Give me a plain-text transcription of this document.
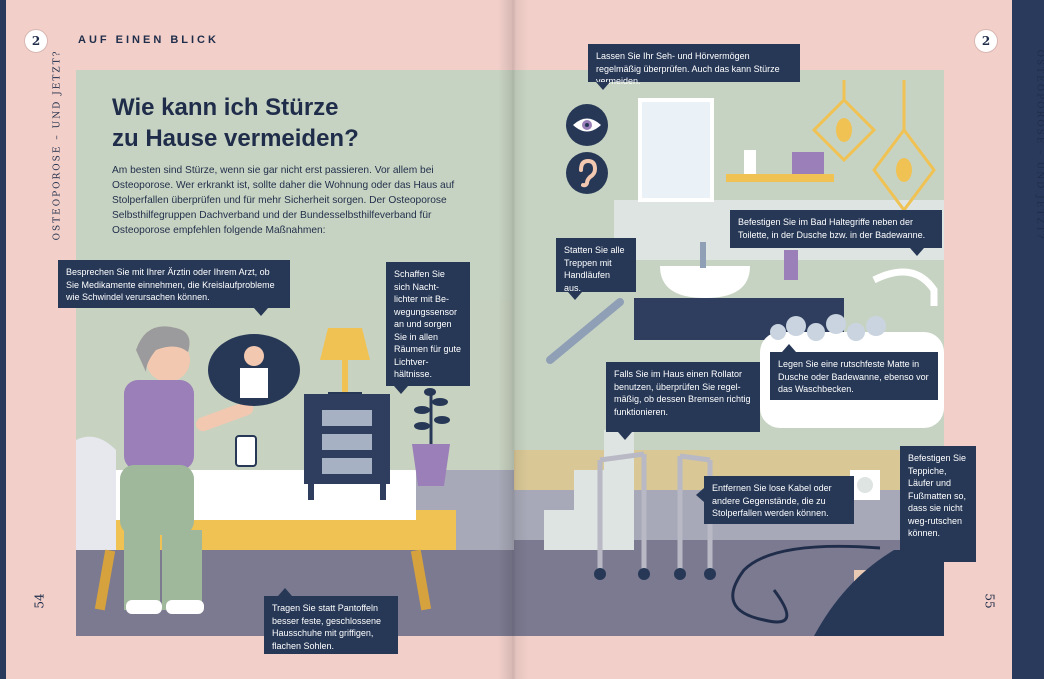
2	AUF EINEN BLICK
OSTEOPOROSE – UND JETZT?
54
Wie kann ich Stürze
zu Hause vermeiden?
Am besten sind Stürze, wenn sie gar nicht erst passieren. Vor allem bei Osteoporose. Wer erkrankt ist, sollte daher die Wohnung oder das Haus auf Stolperfallen überprüfen und für mehr Sicherheit sorgen. Der Osteoporose Selbsthilfegruppen Dachverband und der Bundesselbsthilfeverband für Osteoporose empfehlen folgende Maßnahmen:
Besprechen Sie mit Ihrer Ärztin oder Ihrem Arzt, ob Sie Medikamente einnehmen, die Kreislaufprobleme wie Schwindel verursachen können.
Schaffen Sie sich Nacht-lichter mit Be-wegungssensor an und sorgen Sie in allen Räumen für gute Lichtver-hältnisse.
Tragen Sie statt Pantoffeln besser feste, geschlossene Hausschuhe mit griffigen, flachen Sohlen.
2
OSTEOPOROSE – UND JETZT?
55
Lassen Sie Ihr Seh- und Hörvermögen regelmäßig überprüfen. Auch das kann Stürze vermeiden.
Befestigen Sie im Bad Haltegriffe neben der Toilette, in der Dusche bzw. in der Badewanne.
Statten Sie alle Treppen mit Handläufen aus.
Legen Sie eine rutschfeste Matte in Dusche oder Badewanne, ebenso vor das Waschbecken.
Falls Sie im Haus einen Rollator benutzen, überprüfen Sie regel-mäßig, ob dessen Bremsen richtig funktionieren.
Entfernen Sie lose Kabel oder andere Gegenstände, die zu Stolperfallen werden können.
Befestigen Sie Teppiche, Läufer und Fußmatten so, dass sie nicht weg-rutschen können.
